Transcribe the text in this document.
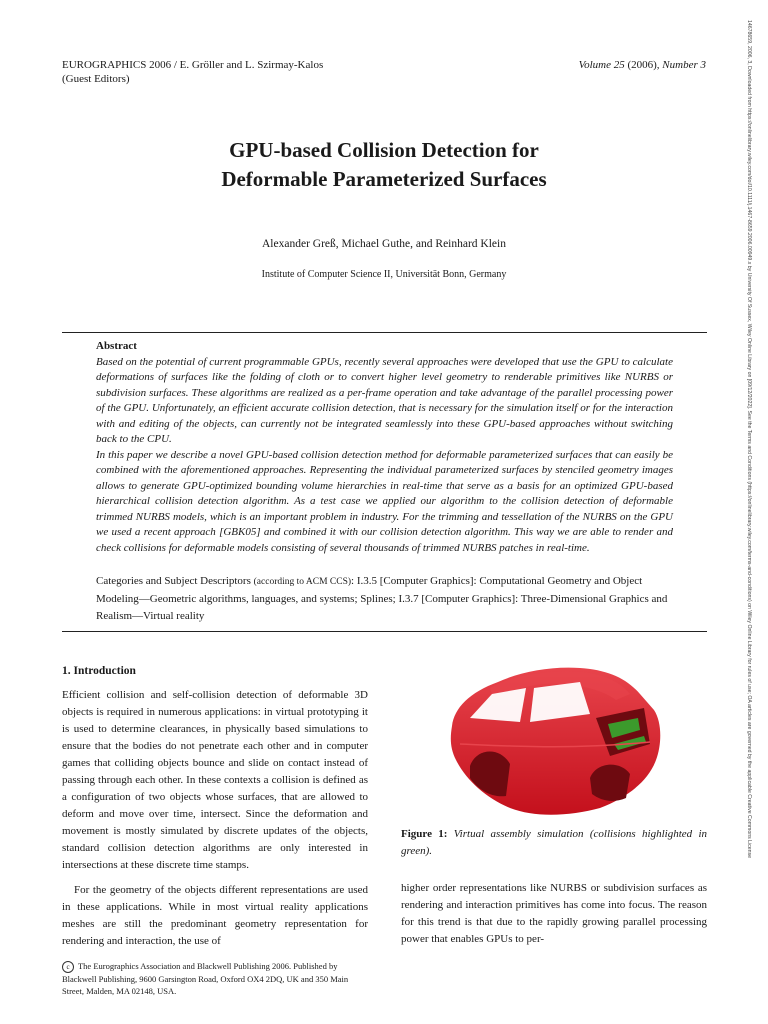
EUROGRAPHICS 2006 / E. Gröller and L. Szirmay-Kalos
(Guest Editors)
Volume 25 (2006), Number 3
GPU-based Collision Detection for
Deformable Parameterized Surfaces
Alexander Greß, Michael Guthe, and Reinhard Klein
Institute of Computer Science II, Universität Bonn, Germany
Abstract

Based on the potential of current programmable GPUs, recently several approaches were developed that use the GPU to calculate deformations of surfaces like the folding of cloth or to convert higher level geometry to renderable primitives like NURBS or subdivision surfaces. These algorithms are realized as a per-frame operation and take advantage of the parallel processing power of the GPU. Unfortunately, an efficient accurate collision detection, that is necessary for the simulation itself or for the interaction with and editing of the objects, can currently not be integrated seamlessly into these GPU-based approaches without switching back to the CPU.

In this paper we describe a novel GPU-based collision detection method for deformable parameterized surfaces that can easily be combined with the aforementioned approaches. Representing the individual parameterized surfaces by stenciled geometry images allows to generate GPU-optimized bounding volume hierarchies in real-time that serve as a basis for an optimized GPU-based hierarchical collision detection algorithm. As a test case we applied our algorithm to the collision detection of deformable trimmed NURBS models, which is an important problem in industry. For the trimming and tessellation of the NURBS on the GPU we used a recent approach [GBK05] and combined it with our collision detection algorithm. This way we are able to render and check collisions for deformable models consisting of several thousands of trimmed NURBS patches in real-time.

Categories and Subject Descriptors (according to ACM CCS): I.3.5 [Computer Graphics]: Computational Geometry and Object Modeling—Geometric algorithms, languages, and systems; Splines; I.3.7 [Computer Graphics]: Three-Dimensional Graphics and Realism—Virtual reality
1. Introduction

Efficient collision and self-collision detection of deformable 3D objects is required in numerous applications: in virtual prototyping it is used to determine clearances, in physically based simulations to ensure that the bodies do not penetrate each other and in computer games that colliding objects bounce and slide on contact instead of passing through each other. In these contexts a collision is defined as a configuration of two objects whose surfaces, that are allowed to deform and move over time, intersect. Since the deformation and movement is mostly simulated by discrete updates of the objects, standard collision detection algorithms are only interested in intersections at these discrete time stamps.

For the geometry of the objects different representations are used in these applications. While in most virtual reality applications meshes are still the predominant geometry representation for rendering and interaction, the use of

Figure 1: Virtual assembly simulation (collisions highlighted in green).
higher order representations like NURBS or subdivision surfaces as rendering and interaction primitives has come into focus. The reason for this trend is that due to the rapidly growing parallel processing power that enables GPUs to per-
c The Eurographics Association and Blackwell Publishing 2006. Published by Blackwell Publishing, 9600 Garsington Road, Oxford OX4 2DQ, UK and 350 Main Street, Malden, MA 02148, USA.
14678659, 2006, 3, Downloaded from https://onlinelibrary.wiley.com/doi/10.1111/j.1467-8659.2006.00949.x by University Of Sussex, Wiley Online Library on [09/12/2022]. See the Terms and Conditions (https://onlinelibrary.wiley.com/terms-and-conditions) on Wiley Online Library for rules of use; OA articles are governed by the applicable Creative Commons License
